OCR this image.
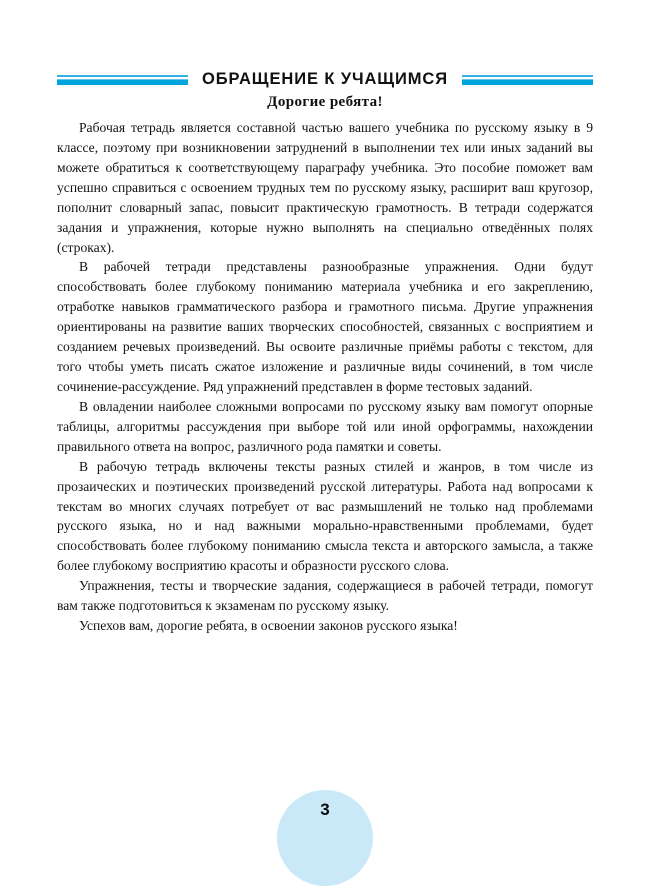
ОБРАЩЕНИЕ К УЧАЩИМСЯ
Дорогие ребята!

Рабочая тетрадь является составной частью вашего учебника по русскому языку в 9 классе, поэтому при возникновении затруднений в выполнении тех или иных заданий вы можете обратиться к соответствующему параграфу учебника. Это пособие поможет вам успешно справиться с освоением трудных тем по русскому языку, расширит ваш кругозор, пополнит словарный запас, повысит практическую грамотность. В тетради содержатся задания и упражнения, которые нужно выполнять на специально отведённых полях (строках).

В рабочей тетради представлены разнообразные упражнения. Одни будут способствовать более глубокому пониманию материала учебника и его закреплению, отработке навыков грамматического разбора и грамотного письма. Другие упражнения ориентированы на развитие ваших творческих способностей, связанных с восприятием и созданием речевых произведений. Вы освоите различные приёмы работы с текстом, для того чтобы уметь писать сжатое изложение и различные виды сочинений, в том числе сочинение-рассуждение. Ряд упражнений представлен в форме тестовых заданий.

В овладении наиболее сложными вопросами по русскому языку вам помогут опорные таблицы, алгоритмы рассуждения при выборе той или иной орфограммы, нахождении правильного ответа на вопрос, различного рода памятки и советы.

В рабочую тетрадь включены тексты разных стилей и жанров, в том числе из прозаических и поэтических произведений русской литературы. Работа над вопросами к текстам во многих случаях потребует от вас размышлений не только над проблемами русского языка, но и над важными морально-нравственными проблемами, будет способствовать более глубокому пониманию смысла текста и авторского замысла, а также более глубокому восприятию красоты и образности русского слова.

Упражнения, тесты и творческие задания, содержащиеся в рабочей тетради, помогут вам также подготовиться к экзаменам по русскому языку.

Успехов вам, дорогие ребята, в освоении законов русского языка!

3
